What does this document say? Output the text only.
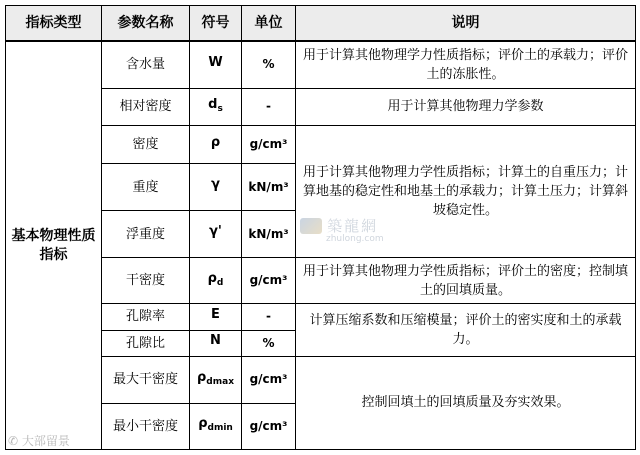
指标类型	参数名称	符号	单位	说明
基本物理性质指标	含水量	W	%	用于计算其他物理学力性质指标；评价土的承载力；评价土的冻胀性。
	相对密度	$d_s$	-	用于计算其他物理力学参数
	密度	ρ	g/cm³	用于计算其他物理力学性质指标；计算土的自重压力；计算地基的稳定性和地基土的承载力；计算土压力；计算斜坡稳定性。
	重度	γ	kN/m³	
	浮重度	γ'	kN/m³	
	干密度	$\rho_d$	g/cm³	用于计算其他物理力学性质指标；评价土的密度；控制填土的回填质量。
	孔隙率	E	-	计算压缩系数和压缩模量；评价土的密实度和土的承载力。
	孔隙比	N	%	
	最大干密度	$\rho_{dmax}$	g/cm³	控制回填土的回填质量及夯实效果。
	最小干密度	$\rho_{dmin}$	g/cm³	
築龍網
zhulong.com
✆ 大部留景
